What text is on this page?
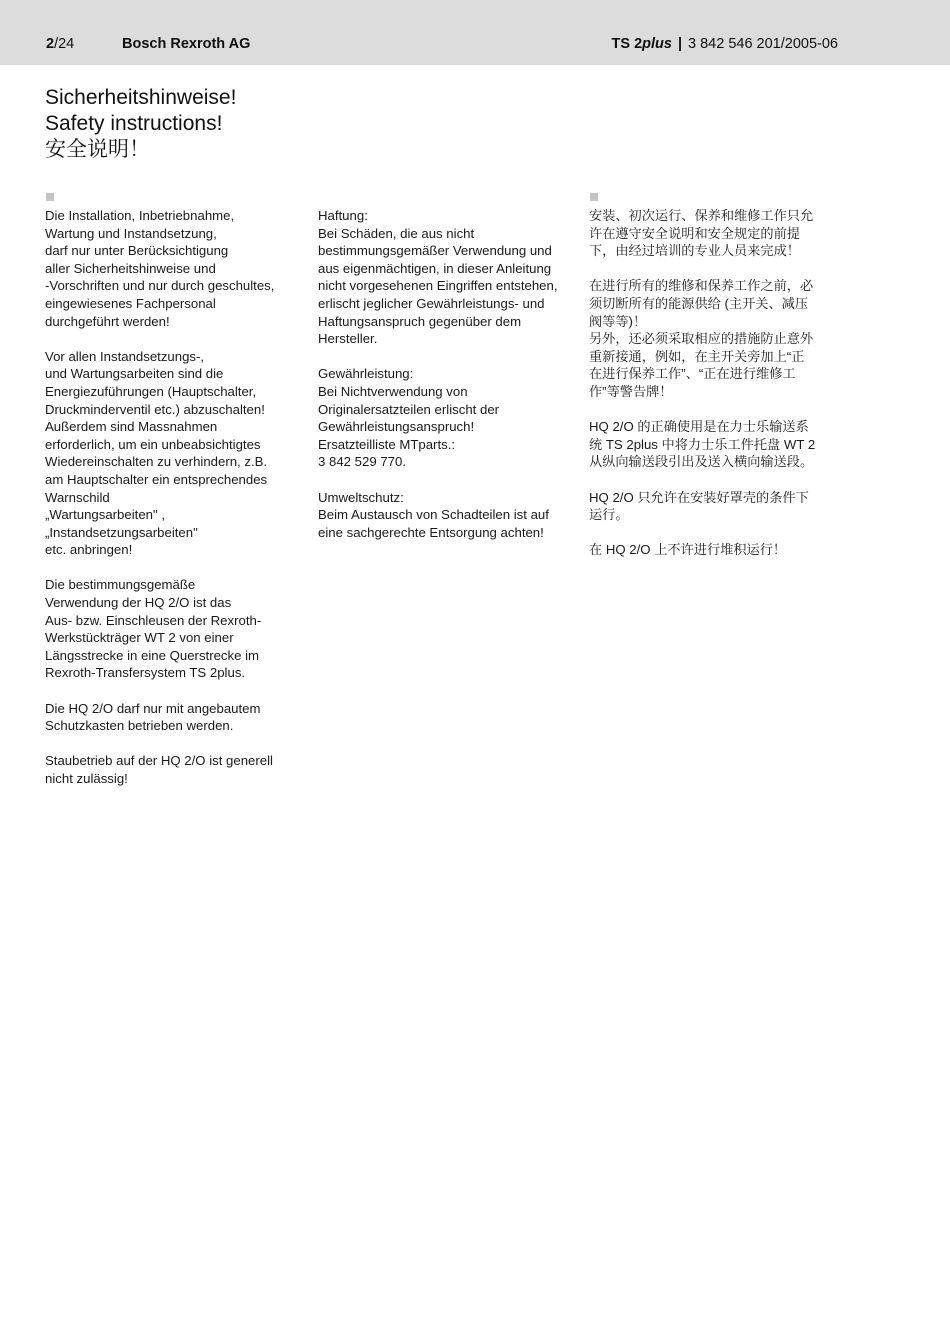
2/24	Bosch Rexroth AG	TS 2plus | 3 842 546 201/2005-06
Sicherheitshinweise!
Safety instructions!
安全说明！

Die Installation, Inbetriebnahme,
Wartung und Instandsetzung,
darf nur unter Berücksichtigung
aller Sicherheitshinweise und
-Vorschriften und nur durch geschultes,
eingewiesenes Fachpersonal
durchgeführt werden!

Vor allen Instandsetzungs-,
und Wartungsarbeiten sind die
Energiezuführungen (Hauptschalter,
Druckminderventil etc.) abzuschalten!
Außerdem sind Massnahmen
erforderlich, um ein unbeabsichtigtes
Wiedereinschalten zu verhindern, z.B.
am Hauptschalter ein entsprechendes
Warnschild
„Wartungsarbeiten" ,
„Instandsetzungsarbeiten"
etc. anbringen!

Die bestimmungsgemäße
Verwendung der HQ 2/O ist das
Aus- bzw. Einschleusen der Rexroth-
Werkstückträger WT 2 von einer
Längsstrecke in eine Querstrecke im
Rexroth-Transfersystem TS 2plus.

Die HQ 2/O darf nur mit angebautem
Schutzkasten betrieben werden.

Staubetrieb auf der HQ 2/O ist generell
nicht zulässig!

Haftung:
Bei Schäden, die aus nicht
bestimmungsgemäßer Verwendung und
aus eigenmächtigen, in dieser Anleitung
nicht vorgesehenen Eingriffen entstehen,
erlischt jeglicher Gewährleistungs- und
Haftungsanspruch gegenüber dem
Hersteller.

Gewährleistung:
Bei Nichtverwendung von
Originalersatzteilen erlischt der
Gewährleistungsanspruch!
Ersatzteilliste MTparts.:
3 842 529 770.

Umweltschutz:
Beim Austausch von Schadteilen ist auf
eine sachgerechte Entsorgung achten!

安装、初次运行、保养和维修工作只允
许在遵守安全说明和安全规定的前提
下，由经过培训的专业人员来完成！

在进行所有的维修和保养工作之前，必
须切断所有的能源供给 (主开关、减压
阀等等)！
另外，还必须采取相应的措施防止意外
重新接通，例如，在主开关旁加上“正
在进行保养工作”、“正在进行维修工
作”等警告牌！

HQ 2/O 的正确使用是在力士乐输送系
统 TS 2plus 中将力士乐工件托盘 WT 2
从纵向输送段引出及送入横向输送段。

HQ 2/O 只允许在安装好罩壳的条件下
运行。

在 HQ 2/O 上不许进行堆积运行！
